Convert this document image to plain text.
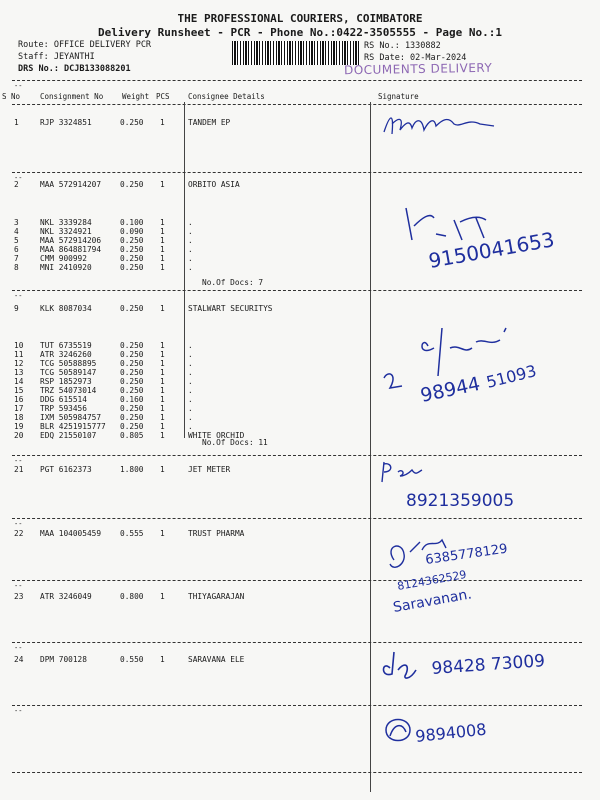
THE PROFESSIONAL COURIERS, COIMBATORE
Delivery Runsheet - PCR - Phone No.:0422-3505555 - Page No.:1
Route: OFFICE DELIVERY PCR
Staff: JEYANTHI
DRS No.: DCJB133088201
RS No.: 1330882
RS Date: 02-Mar-2024
DOCUMENTS DELIVERY
--
S No	Consignment No	Weight PCS Consignee Details	Signature
--
--
--
--
--
--
--
1	RJP 3324851	0.250 1	TANDEM EP
2	MAA 572914207 0.250 1	ORBITO ASIA
3	NKL 3339284	0.100 1	.
4	NKL 3324921	0.090 1	.
5	MAA 572914206 0.250 1	.
6	MAA 864881794 0.250 1	.
7	CMM 900992	0.250 1	.
8	MNI 2410920	0.250 1	.
9	KLK 8087034	0.250 1	STALWART SECURITYS
10 TUT 6735519	0.250 1	.
11 ATR 3246260	0.250 1	.
12 TCG 50588895	0.250 1	.
13 TCG 50589147	0.250 1	.
14 RSP 1852973	0.250 1	.
15 TRZ 54073014	0.250 1	.
16 DDG 615514	0.160 1	.
17 TRP 593456	0.250 1	.
18 IXM 505984757 0.250 1	.
19 BLR 4251915777 0.250 1	.
20 EDQ 21550107	0.805 1	WHITE ORCHID
21 PGT 6162373	1.800 1	JET METER
22 MAA 104005459 0.555 1	TRUST PHARMA
23 ATR 3246049	0.800 1	THIYAGARAJAN
24 DPM 700128	0.550 1	SARAVANA ELE
No.Of Docs: 7
No.Of Docs: 11
9150041653
98944 51093
8921359005
6385778129
8124362529
Saravanan.
98428 73009
9894008
